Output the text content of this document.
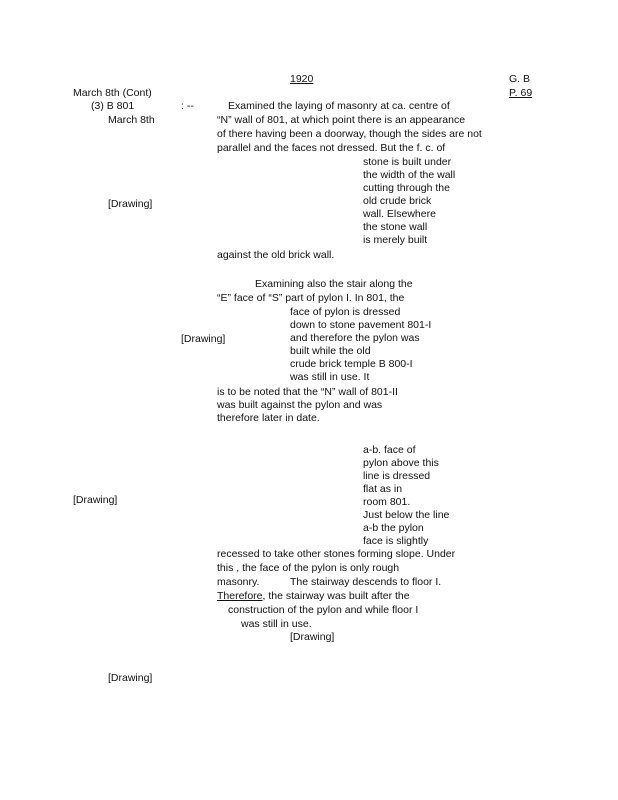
1920	G. B
P. 69
March 8th (Cont)
(3) B 801
March 8th
: --	Examined the laying of masonry at ca. centre of
“N” wall of 801, at which point there is an appearance
of there having been a doorway, though the sides are not
parallel and the faces not dressed. But the f. c. of
stone is built under
the width of the wall
cutting through the
old crude brick
wall. Elsewhere
the stone wall
is merely built
[Drawing]
against the old brick wall.
Examining also the stair along the
“E” face of “S” part of pylon I. In 801, the
face of pylon is dressed
down to stone pavement 801-I
and therefore the pylon was
built while the old
crude brick temple B 800-I
was still in use. It
[Drawing]
is to be noted that the “N” wall of 801-II
was built against the pylon and was
therefore later in date.
a-b. face of
pylon above this
line is dressed
flat as in
room 801.
Just below the line
a-b the pylon
face is slightly
[Drawing]
recessed to take other stones forming slope. Under
this , the face of the pylon is only rough
masonry.	The stairway descends to floor I.
Therefore, the stairway was built after the
construction of the pylon and while floor I
was still in use.
[Drawing]
[Drawing]
